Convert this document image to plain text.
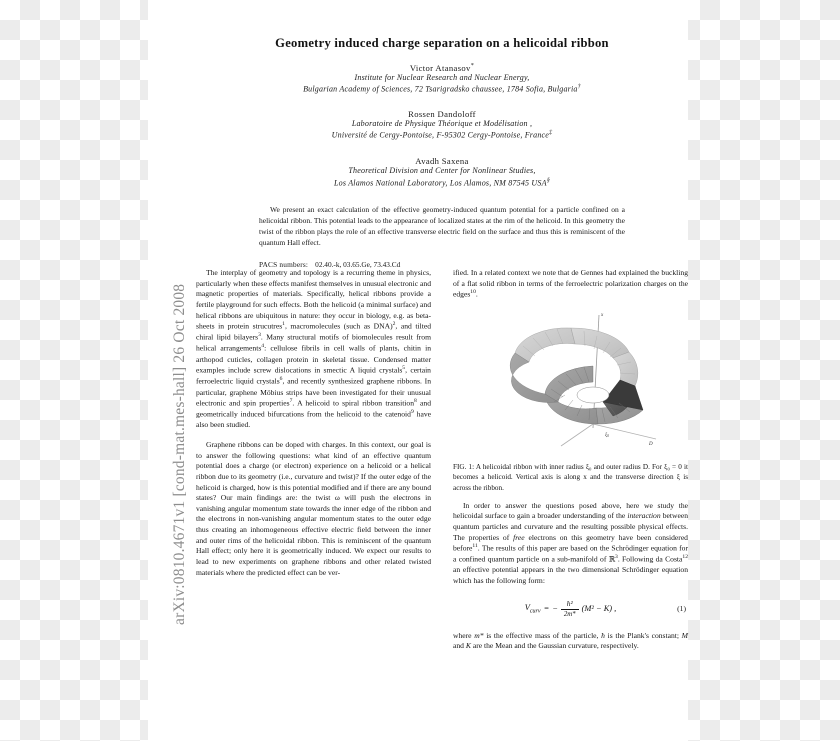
arXiv:0810.4671v1 [cond-mat.mes-hall] 26 Oct 2008
Geometry induced charge separation on a helicoidal ribbon
Victor Atanasov*
Institute for Nuclear Research and Nuclear Energy,
Bulgarian Academy of Sciences, 72 Tsarigradsko chaussee, 1784 Sofia, Bulgaria†
Rossen Dandoloff
Laboratoire de Physique Théorique et Modélisation ,
Université de Cergy-Pontoise, F-95302 Cergy-Pontoise, France‡
Avadh Saxena
Theoretical Division and Center for Nonlinear Studies,
Los Alamos National Laboratory, Los Alamos, NM 87545 USA§

We present an exact calculation of the effective geometry-induced quantum potential for a particle confined on a helicoidal ribbon. This potential leads to the appearance of localized states at the rim of the helicoid. In this geometry the twist of the ribbon plays the role of an effective transverse electric field on the surface and thus this is reminiscent of the quantum Hall effect.

PACS numbers: 02.40.-k, 03.65.Ge, 73.43.Cd

The interplay of geometry and topology is a recurring theme in physics, particularly when these effects manifest themselves in unusual electronic and magnetic properties of materials. Specifically, helical ribbons provide a fertile playground for such effects. Both the helicoid (a minimal surface) and helical ribbons are ubiquitous in nature: they occur in biology, e.g. as beta-sheets in protein strucutres$^1$, macromolecules (such as DNA)$^2$, and tilted chiral lipid bilayers$^3$. Many structural motifs of biomolecules result from helical arrangements$^4$: cellulose fibrils in cell walls of plants, chitin in arthopod cuticles, collagen protein in skeletal tissue. Condensed matter examples include screw dislocations in smectic A liquid crystals$^5$, certain ferroelectric liquid crystals$^6$, and recently synthesized graphene ribbons. In particular, graphene Möbius strips have been investigated for their unusual electronic and spin properties$^7$. A helicoid to spiral ribbon transition$^8$ and geometrically induced bifurcations from the helicoid to the catenoid$^9$ have also been studied.

Graphene ribbons can be doped with charges. In this context, our goal is to answer the following questions: what kind of an effective quantum potential does a charge (or electron) experience on a helicoid or a helical ribbon due to its geometry (i.e., curvature and twist)? If the outer edge of the helicoid is charged, how is this potential modified and if there are any bound states? Our main findings are: the twist ω will push the electrons in vanishing angular momentum state towards the inner edge of the ribbon and the electrons in non-vanishing angular momentum states to the outer edge thus creating an inhomogeneous effective electric field between the inner and outer rims of the helicoidal ribbon. This is reminiscent of the quantum Hall effect; only here it is geometrically induced. We expect our results to lead to new experiments on graphene ribbons and other related twisted materials where the predicted effect can be ver-

ified. In a related context we note that de Gennes had explained the buckling of a flat solid ribbon in terms of the ferroelectric polarization charges on the edges$^{10}$.

x
$\xi_0$
D
FIG. 1: A helicoidal ribbon with inner radius ξ₀ and outer radius D. For ξ₀ = 0 it becomes a helicoid. Vertical axis is along x and the transverse direction ξ is across the ribbon.

In order to answer the questions posed above, here we study the helicoidal surface to gain a broader understanding of the interaction between quantum particles and curvature and the resulting possible physical effects. The properties of free electrons on this geometry have been considered before$^{11}$. The results of this paper are based on the Schrödinger equation for a confined quantum particle on a sub-manifold of ℝ$^3$. Following da Costa$^{12}$ an effective potential appears in the two dimensional Schrödinger equation which has the following form:

$V_{curv}$ = − $\frac{\text{ħ²}}{2m*} (M^2 - K)$ ,	(1)

where m* is the effective mass of the particle, ħ is the Plank's constant; M and K are the Mean and the Gaussian curvature, respectively.
